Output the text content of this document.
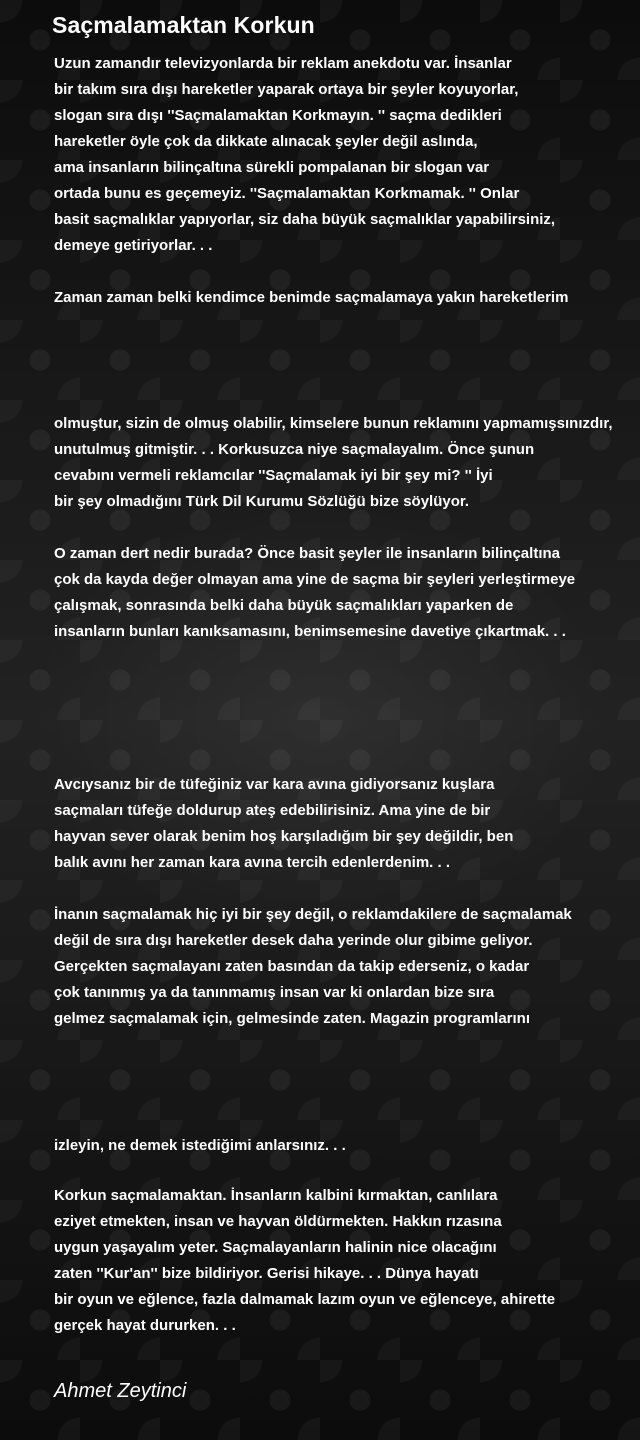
Saçmalamaktan Korkun
Uzun zamandır televizyonlarda bir reklam anekdotu var. İnsanlar
bir takım sıra dışı hareketler yaparak ortaya bir şeyler koyuyorlar,
slogan sıra dışı ''Saçmalamaktan Korkmayın. '' saçma dedikleri
hareketler öyle çok da dikkate alınacak şeyler değil aslında,
ama insanların bilinçaltına sürekli pompalanan bir slogan var
ortada bunu es geçemeyiz. ''Saçmalamaktan Korkmamak. '' Onlar
basit saçmalıklar yapıyorlar, siz daha büyük saçmalıklar yapabilirsiniz,
demeye getiriyorlar. . .
Zaman zaman belki kendimce benimde saçmalamaya yakın hareketlerim
olmuştur, sizin de olmuş olabilir, kimselere bunun reklamını yapmamışsınızdır,
unutulmuş gitmiştir. . . Korkusuzca niye saçmalayalım. Önce şunun
cevabını vermeli reklamcılar ''Saçmalamak iyi bir şey mi? '' İyi
bir şey olmadığını Türk Dil Kurumu Sözlüğü bize söylüyor.
O zaman dert nedir burada? Önce basit şeyler ile insanların bilinçaltına
çok da kayda değer olmayan ama yine de saçma bir şeyleri yerleştirmeye
çalışmak, sonrasında belki daha büyük saçmalıkları yaparken de
insanların bunları kanıksamasını, benimsemesine davetiye çıkartmak. . .
Avcıysanız bir de tüfeğiniz var kara avına gidiyorsanız kuşlara
saçmaları tüfeğe doldurup ateş edebilirisiniz. Ama yine de bir
hayvan sever olarak benim hoş karşıladığım bir şey değildir, ben
balık avını her zaman kara avına tercih edenlerdenim. . .
İnanın saçmalamak hiç iyi bir şey değil, o reklamdakilere de saçmalamak
değil de sıra dışı hareketler desek daha yerinde olur gibime geliyor.
Gerçekten saçmalayanı zaten basından da takip ederseniz, o kadar
çok tanınmış ya da tanınmamış insan var ki onlardan bize sıra
gelmez saçmalamak için, gelmesinde zaten. Magazin programlarını
izleyin, ne demek istediğimi anlarsınız. . .
Korkun saçmalamaktan. İnsanların kalbini kırmaktan, canlılara
eziyet etmekten, insan ve hayvan öldürmekten. Hakkın rızasına
uygun yaşayalım yeter. Saçmalayanların halinin nice olacağını
zaten ''Kur'an'' bize bildiriyor. Gerisi hikaye. . . Dünya hayatı
bir oyun ve eğlence, fazla dalmamak lazım oyun ve eğlenceye, ahirette
gerçek hayat dururken. . .
Ahmet Zeytinci
